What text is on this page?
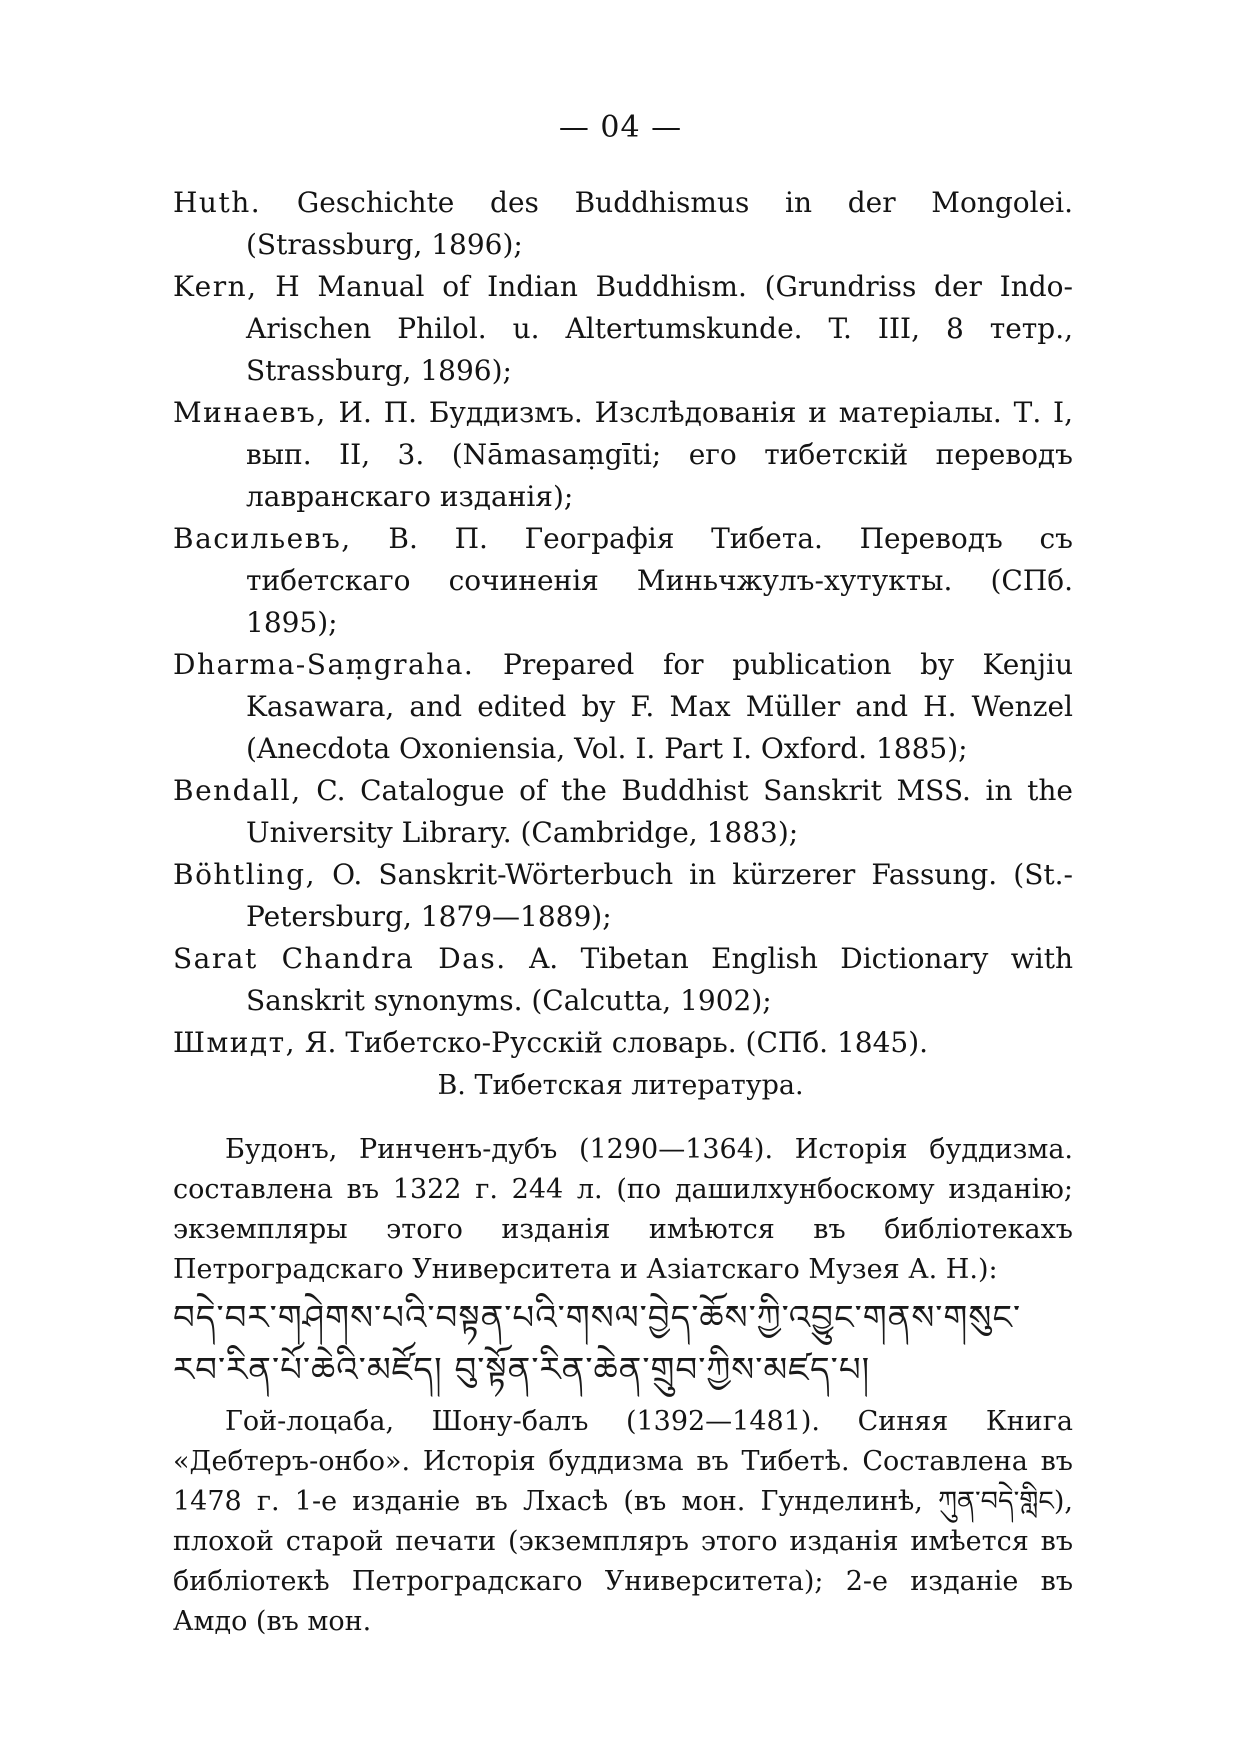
— 04 —
Huth. Geschichte des Buddhismus in der Mongolei. (Strassburg, 1896);
Kern, H Manual of Indian Buddhism. (Grundriss der Indo-Arischen Philol. u. Altertumskunde. T. III, 8 тетр., Strassburg, 1896);
Минаевъ, И. П. Буддизмъ. Изслѣдованія и матеріалы. Т. I, вып. II, 3. (Nāmasaṃgīti; его тибетскій переводъ лавранскаго изданія);
Васильевъ, В. П. Географія Тибета. Переводъ съ тибетскаго сочиненія Миньчжулъ-хутукты. (СПб. 1895);
Dharma-Saṃgraha. Prepared for publication by Kenjiu Kasawara, and edited by F. Max Müller and H. Wenzel (Anecdota Oxoniensia, Vol. I. Part I. Oxford. 1885);
Bendall, C. Catalogue of the Buddhist Sanskrit MSS. in the University Library. (Cambridge, 1883);
Böhtling, O. Sanskrit-Wörterbuch in kürzerer Fassung. (St.-Petersburg, 1879—1889);
Sarat Chandra Das. A. Tibetan English Dictionary with Sanskrit synonyms. (Calcutta, 1902);
Шмидт, Я. Тибетско-Русскій словарь. (СПб. 1845).
В. Тибетская литература.

Будонъ, Ринченъ-дубъ (1290—1364). Исторія буддизма. составлена въ 1322 г. 244 л. (по дашилхунбоскому изданію; экземпляры этого изданія имѣются въ библіотекахъ Петроградскаго Университета и Азіатскаго Музея А. Н.):

བདེ་བར་གཤེགས་པའི་བསྟན་པའི་གསལ་བྱེད་ཆོས་ཀྱི་འབྱུང་གནས་གསུང་རབ་རིན་པོ་ཆེའི་མཛོད། བུ་སྟོན་རིན་ཆེན་གྲུབ་ཀྱིས་མཛད་པ།

Гой-лоцаба, Шону-балъ (1392—1481). Синяя Книга «Дебтеръ-онбо». Исторія буддизма въ Тибетѣ. Составлена въ 1478 г. 1-е изданіе въ Лхасѣ (въ мон. Гунделинѣ, ཀུན་བདེ་གླིང), плохой старой печати (экземпляръ этого изданія имѣется въ библіотекѣ Петроградскаго Университета); 2-е изданіе въ Амдо (въ мон.
